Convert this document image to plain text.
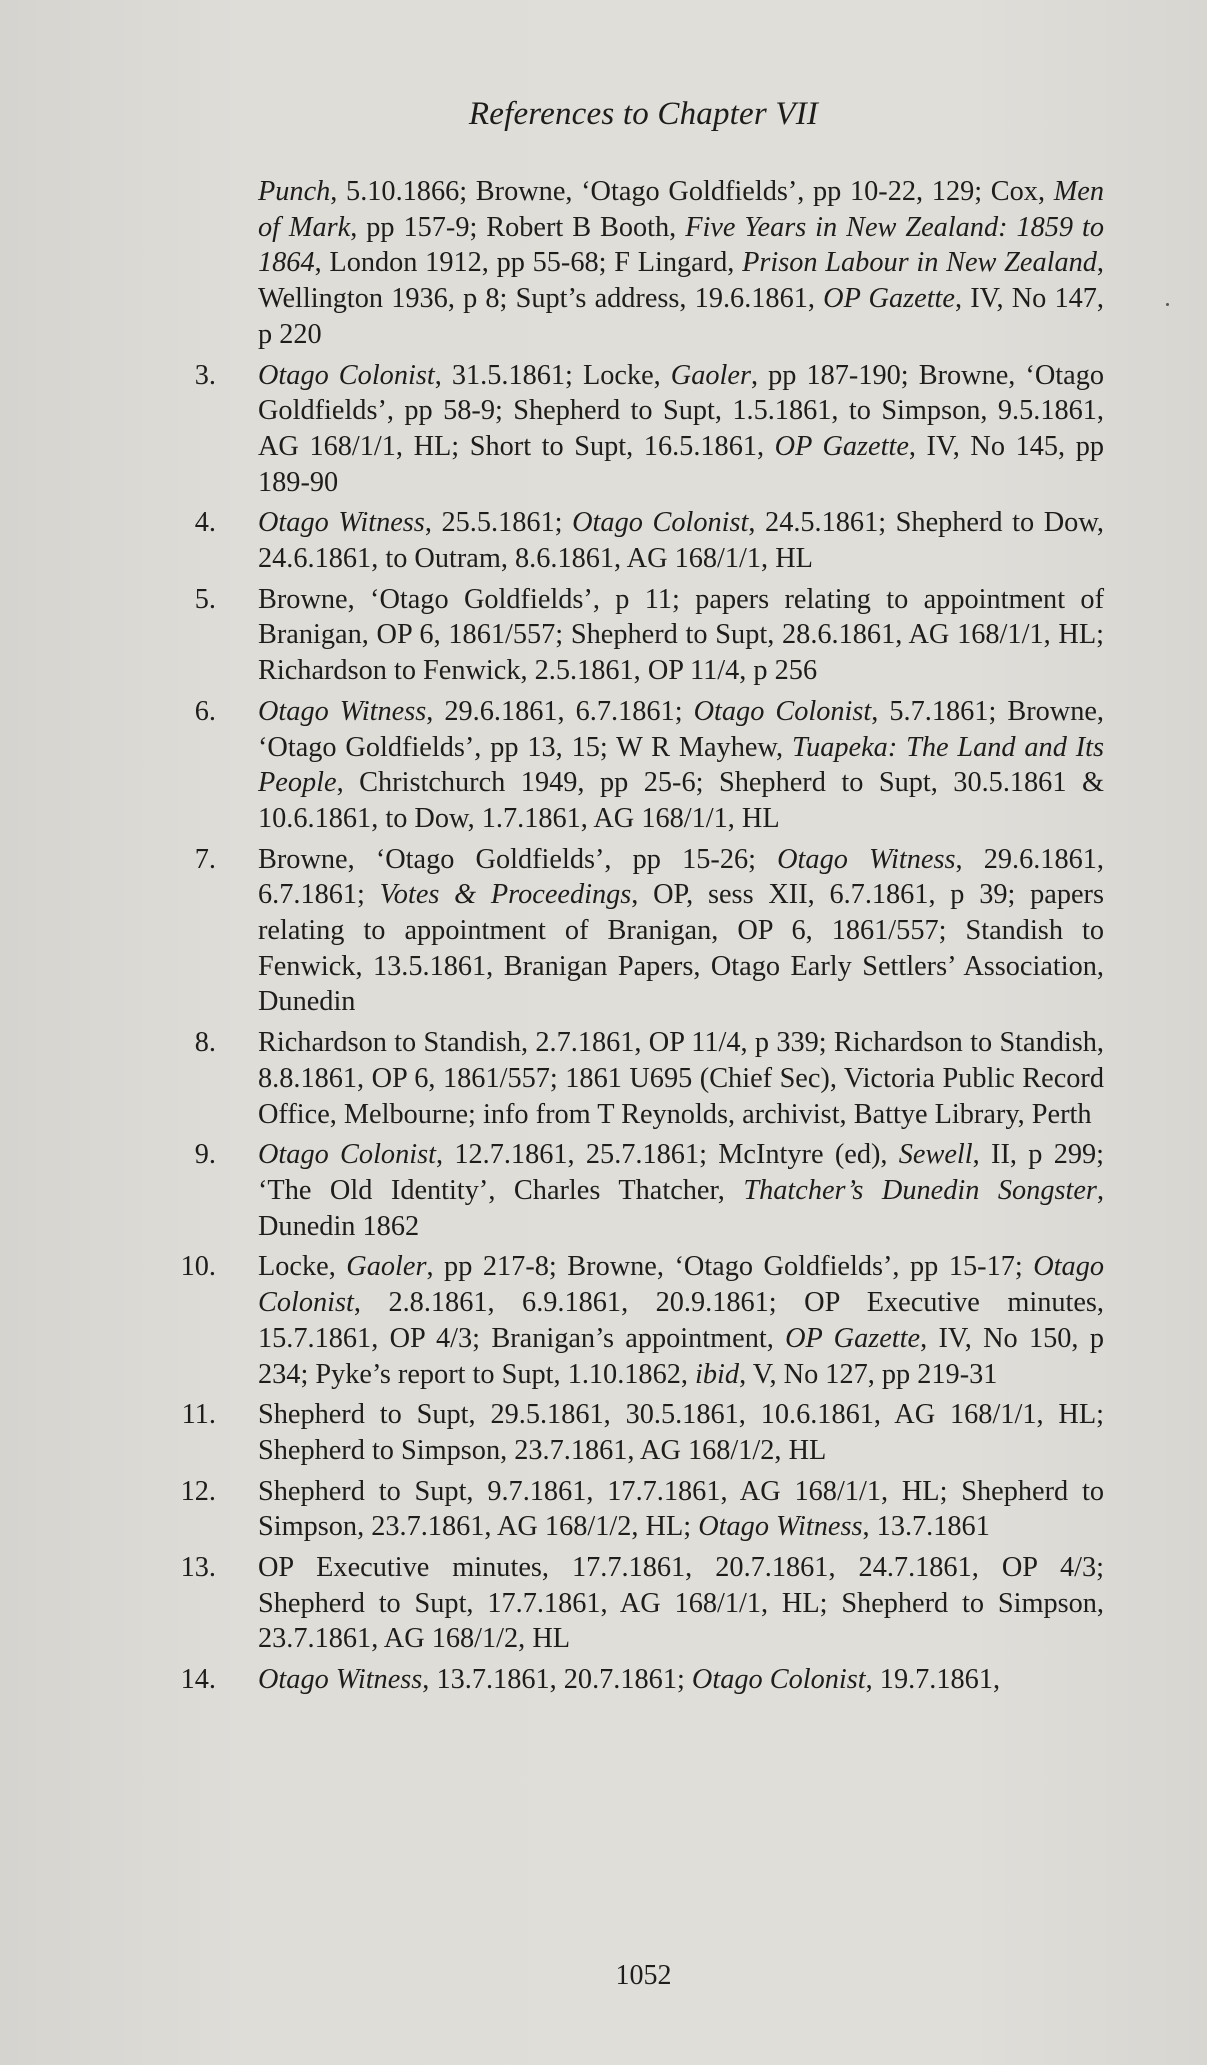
References to Chapter VII
Punch, 5.10.1866; Browne, ‘Otago Goldfields’, pp 10-22, 129; Cox, Men of Mark, pp 157-9; Robert B Booth, Five Years in New Zealand: 1859 to 1864, London 1912, pp 55-68; F Lingard, Prison Labour in New Zealand, Wellington 1936, p 8; Supt’s address, 19.6.1861, OP Gazette, IV, No 147, p 220
3. Otago Colonist, 31.5.1861; Locke, Gaoler, pp 187-190; Browne, ‘Otago Goldfields’, pp 58-9; Shepherd to Supt, 1.5.1861, to Simpson, 9.5.1861, AG 168/1/1, HL; Short to Supt, 16.5.1861, OP Gazette, IV, No 145, pp 189-90
4. Otago Witness, 25.5.1861; Otago Colonist, 24.5.1861; Shepherd to Dow, 24.6.1861, to Outram, 8.6.1861, AG 168/1/1, HL
5. Browne, ‘Otago Goldfields’, p 11; papers relating to appointment of Branigan, OP 6, 1861/557; Shepherd to Supt, 28.6.1861, AG 168/1/1, HL; Richardson to Fenwick, 2.5.1861, OP 11/4, p 256
6. Otago Witness, 29.6.1861, 6.7.1861; Otago Colonist, 5.7.1861; Browne, ‘Otago Goldfields’, pp 13, 15; W R Mayhew, Tuapeka: The Land and Its People, Christchurch 1949, pp 25-6; Shepherd to Supt, 30.5.1861 & 10.6.1861, to Dow, 1.7.1861, AG 168/1/1, HL
7. Browne, ‘Otago Goldfields’, pp 15-26; Otago Witness, 29.6.1861, 6.7.1861; Votes & Proceedings, OP, sess XII, 6.7.1861, p 39; papers relating to appointment of Branigan, OP 6, 1861/557; Standish to Fenwick, 13.5.1861, Branigan Papers, Otago Early Settlers’ Association, Dunedin
8. Richardson to Standish, 2.7.1861, OP 11/4, p 339; Richardson to Standish, 8.8.1861, OP 6, 1861/557; 1861 U695 (Chief Sec), Victoria Public Record Office, Melbourne; info from T Reynolds, archivist, Battye Library, Perth
9. Otago Colonist, 12.7.1861, 25.7.1861; McIntyre (ed), Sewell, II, p 299; ‘The Old Identity’, Charles Thatcher, Thatcher’s Dunedin Songster, Dunedin 1862
10. Locke, Gaoler, pp 217-8; Browne, ‘Otago Goldfields’, pp 15-17; Otago Colonist, 2.8.1861, 6.9.1861, 20.9.1861; OP Executive minutes, 15.7.1861, OP 4/3; Branigan’s appointment, OP Gazette, IV, No 150, p 234; Pyke’s report to Supt, 1.10.1862, ibid, V, No 127, pp 219-31
11. Shepherd to Supt, 29.5.1861, 30.5.1861, 10.6.1861, AG 168/1/1, HL; Shepherd to Simpson, 23.7.1861, AG 168/1/2, HL
12. Shepherd to Supt, 9.7.1861, 17.7.1861, AG 168/1/1, HL; Shepherd to Simpson, 23.7.1861, AG 168/1/2, HL; Otago Witness, 13.7.1861
13. OP Executive minutes, 17.7.1861, 20.7.1861, 24.7.1861, OP 4/3; Shepherd to Supt, 17.7.1861, AG 168/1/1, HL; Shepherd to Simpson, 23.7.1861, AG 168/1/2, HL
14. Otago Witness, 13.7.1861, 20.7.1861; Otago Colonist, 19.7.1861,
1052
